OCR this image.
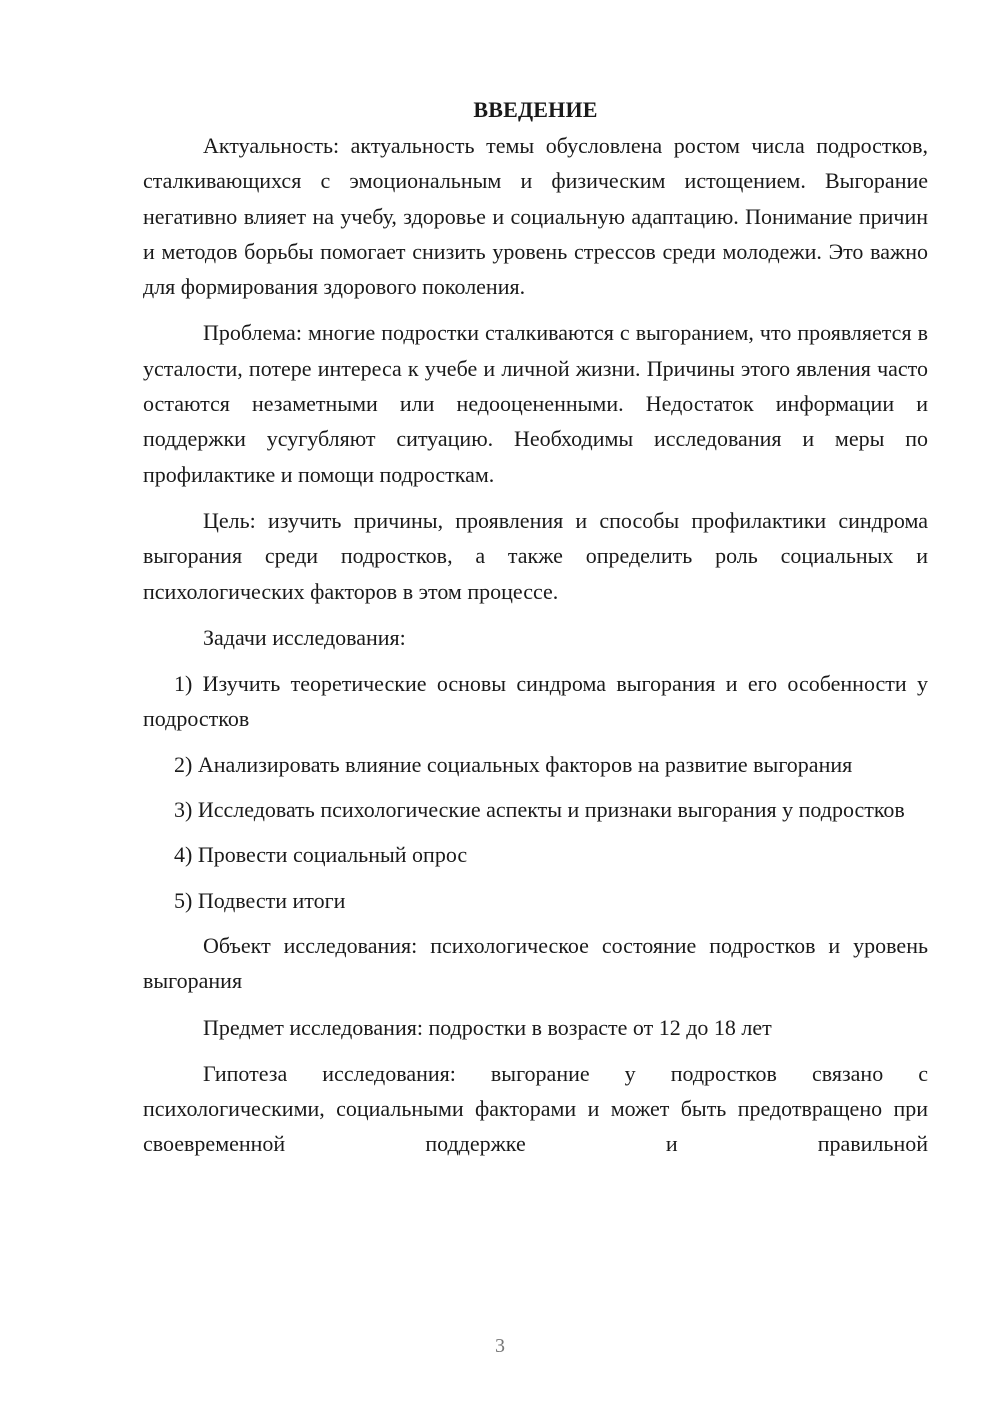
ВВЕДЕНИЕ

Актуальность: актуальность темы обусловлена ростом числа подростков, сталкивающихся с эмоциональным и физическим истощением. Выгорание негативно влияет на учебу, здоровье и социальную адаптацию. Понимание причин и методов борьбы помогает снизить уровень стрессов среди молодежи. Это важно для формирования здорового поколения.

Проблема: многие подростки сталкиваются с выгоранием, что проявляется в усталости, потере интереса к учебе и личной жизни. Причины этого явления часто остаются незаметными или недооцененными. Недостаток информации и поддержки усугубляют ситуацию. Необходимы исследования и меры по профилактике и помощи подросткам.

Цель: изучить причины, проявления и способы профилактики синдрома выгорания среди подростков, а также определить роль социальных и психологических факторов в этом процессе.

Задачи исследования:

1) Изучить теоретические основы синдрома выгорания и его особенности у подростков

2) Анализировать влияние социальных факторов на развитие выгорания

3) Исследовать психологические аспекты и признаки выгорания у подростков

4) Провести социальный опрос

5) Подвести итоги

Объект исследования: психологическое состояние подростков и уровень выгорания

Предмет исследования: подростки в возрасте от 12 до 18 лет

Гипотеза исследования: выгорание у подростков связано с психологическими, социальными факторами и может быть предотвращено при своевременной поддержке и правильной

3
